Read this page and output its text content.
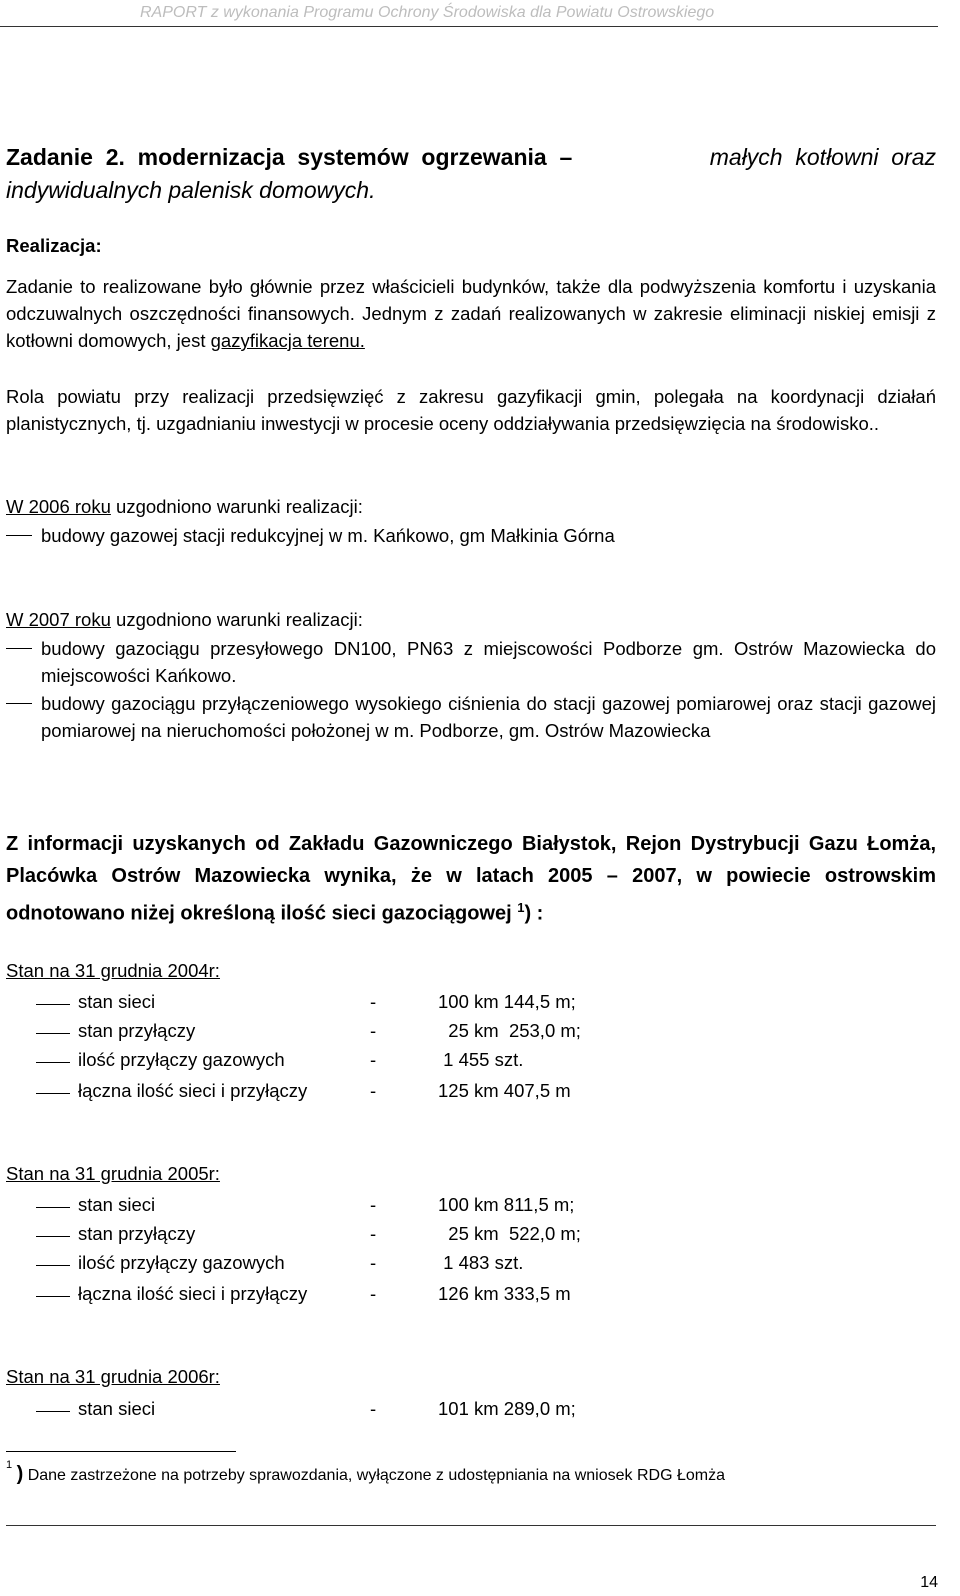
RAPORT z wykonania Programu Ochrony Środowiska dla Powiatu Ostrowskiego
Zadanie  2.  modernizacja  systemów  ogrzewania  –	małych  kotłowni  oraz
indywidualnych palenisk domowych.
Realizacja:
Zadanie to realizowane było głównie przez właścicieli budynków, także dla podwyższenia komfortu i uzyskania odczuwalnych oszczędności finansowych. Jednym z zadań realizowanych w zakresie eliminacji niskiej emisji z kotłowni domowych, jest gazyfikacja terenu.
Rola powiatu przy realizacji przedsięwzięć z zakresu gazyfikacji gmin, polegała na koordynacji działań planistycznych, tj. uzgadnianiu inwestycji w procesie oceny oddziaływania przedsięwzięcia na środowisko..
W 2006 roku uzgodniono warunki realizacji:
budowy gazowej stacji redukcyjnej w m. Kańkowo, gm Małkinia Górna
W 2007 roku uzgodniono warunki realizacji:
budowy gazociągu przesyłowego DN100, PN63 z miejscowości Podborze gm. Ostrów Mazowiecka do miejscowości Kańkowo.
budowy gazociągu przyłączeniowego wysokiego ciśnienia do stacji gazowej pomiarowej oraz stacji gazowej pomiarowej na nieruchomości położonej w m. Podborze, gm. Ostrów Mazowiecka
Z informacji uzyskanych od Zakładu Gazowniczego Białystok, Rejon Dystrybucji Gazu Łomża, Placówka Ostrów Mazowiecka wynika, że w latach 2005 – 2007, w powiecie ostrowskim odnotowano niżej określoną ilość sieci gazociągowej $^1$) :
Stan na 31 grudnia 2004r:
stan sieci	-	100 km 144,5 m;
stan przyłączy	-	25 km  253,0 m;
ilość przyłączy gazowych	-	1 455 szt.
łączna ilość sieci i przyłączy	-	125 km 407,5 m
Stan na 31 grudnia 2005r:
stan sieci	-	100 km 811,5 m;
stan przyłączy	-	25 km  522,0 m;
ilość przyłączy gazowych	-	1 483 szt.
łączna ilość sieci i przyłączy	-	126 km 333,5 m
Stan na 31 grudnia 2006r:
stan sieci	-	101 km 289,0 m;
$^1$ ) Dane zastrzeżone na potrzeby sprawozdania, wyłączone z udostępniania na wniosek RDG Łomża
14
